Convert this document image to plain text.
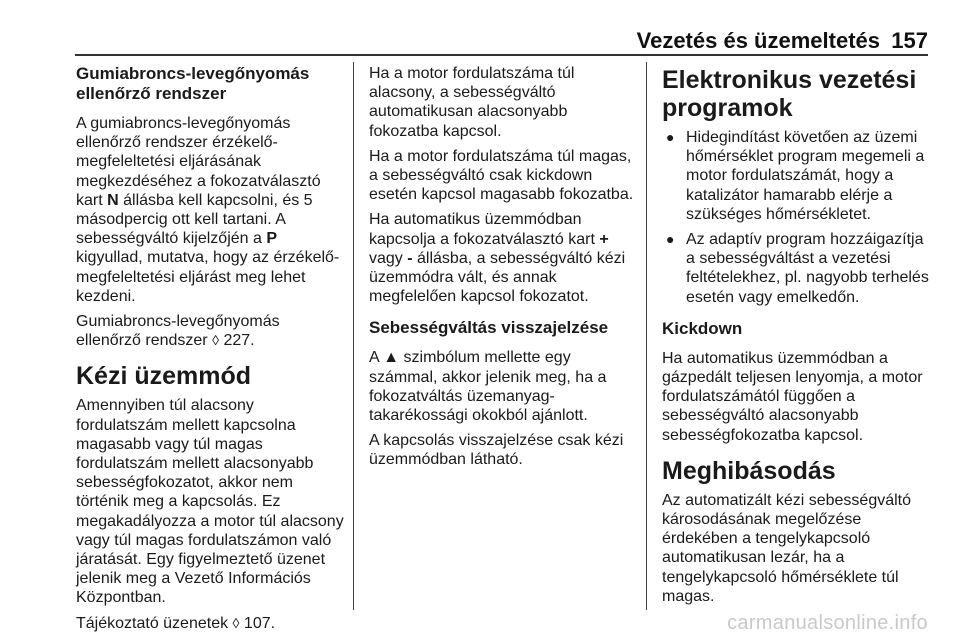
Vezetés és üzemeltetés 157
Gumiabroncs-levegőnyomás
ellenőrző rendszer

A gumiabroncs-levegőnyomás ellenőrző rendszer érzékelő-megfeleltetési eljárásának megkezdéséhez a fokozatválasztó kart N állásba kell kapcsolni, és 5 másodpercig ott kell tartani. A sebességváltó kijelzőjén a P kigyullad, mutatva, hogy az érzékelő-megfeleltetési eljárást meg lehet kezdeni.

Gumiabroncs-levegőnyomás ellenőrző rendszer ◊ 227.

Kézi üzemmód

Amennyiben túl alacsony fordulatszám mellett kapcsolna magasabb vagy túl magas fordulatszám mellett alacsonyabb sebességfokozatot, akkor nem történik meg a kapcsolás. Ez megakadályozza a motor túl alacsony vagy túl magas fordulatszámon való járatását. Egy figyelmeztető üzenet jelenik meg a Vezető Információs Központban.

Tájékoztató üzenetek ◊ 107.

Ha a motor fordulatszáma túl alacsony, a sebességváltó automatikusan alacsonyabb fokozatba kapcsol.

Ha a motor fordulatszáma túl magas, a sebességváltó csak kickdown esetén kapcsol magasabb fokozatba.

Ha automatikus üzemmódban kapcsolja a fokozatválasztó kart + vagy - állásba, a sebességváltó kézi üzemmódra vált, és annak megfelelően kapcsol fokozatot.

Sebességváltás visszajelzése

A ▲ szimbólum mellette egy számmal, akkor jelenik meg, ha a fokozatváltás üzemanyag-takarékossági okokból ajánlott.

A kapcsolás visszajelzése csak kézi üzemmódban látható.

Elektronikus vezetési
programok
● Hidegindítást követően az üzemi hőmérséklet program megemeli a motor fordulatszámát, hogy a katalizátor hamarabb elérje a szükséges hőmérsékletet.
● Az adaptív program hozzáigazítja a sebességváltást a vezetési feltételekhez, pl. nagyobb terhelés esetén vagy emelkedőn.
Kickdown

Ha automatikus üzemmódban a gázpedált teljesen lenyomja, a motor fordulatszámától függően a sebességváltó alacsonyabb sebességfokozatba kapcsol.

Meghibásodás

Az automatizált kézi sebességváltó károsodásának megelőzése érdekében a tengelykapcsoló automatikusan lezár, ha a tengelykapcsoló hőmérséklete túl magas.

carmanualsonline.info
